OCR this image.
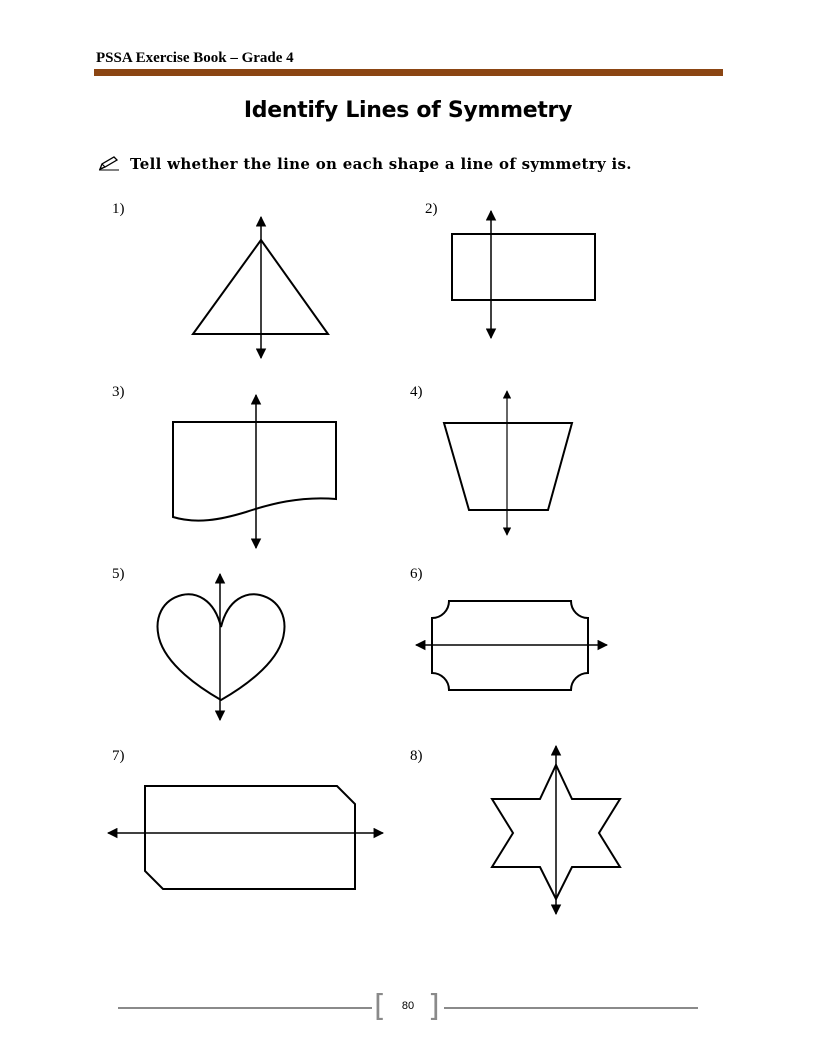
PSSA Exercise Book – Grade 4
Identify Lines of Symmetry
Tell whether the line on each shape a line of symmetry is.
1)	2)
3)	4)
5)	6)
7)	8)
[ ]
80
